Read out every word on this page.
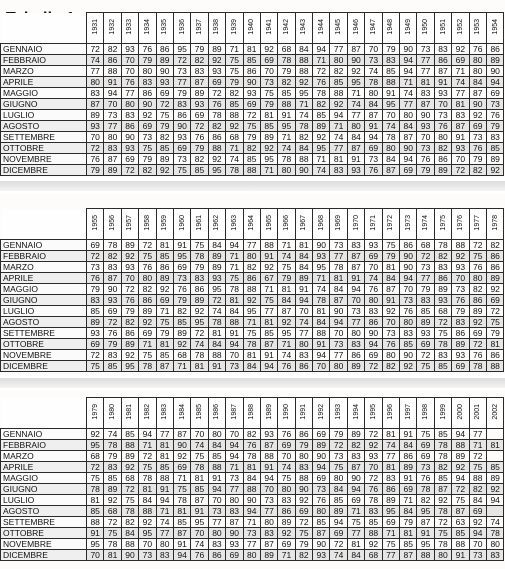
	1931	1932	1933	1934	1935	1936	1937	1938	1939	1940	1941	1942	1943	1944	1945	1946	1947	1948	1949	1950	1951	1952	1953	1954
GENNAIO	72	82	93	76	86	95	79	89	71	81	92	68	84	94	77	87	70	79	90	73	83	92	76	86
FEBBRAIO	74	86	70	79	89	72	82	92	75	85	69	78	88	71	80	90	73	83	94	77	86	69	80	89
MARZO	77	88	70	80	90	73	83	93	75	86	70	79	88	72	82	92	74	85	94	77	87	71	80	90
APRILE	80	91	76	83	93	77	87	69	79	90	73	82	92	76	85	95	78	88	71	81	91	74	84	94
MAGGIO	83	94	77	86	69	79	89	72	82	93	75	85	95	78	88	71	80	91	74	83	93	77	87	69
GIUGNO	87	70	80	90	72	83	93	76	85	69	79	88	71	82	92	74	84	95	77	87	70	81	90	73
LUGLIO	89	73	83	92	75	86	69	78	88	72	81	91	74	85	94	77	87	70	80	90	73	83	92	76
AGOSTO	93	77	86	69	79	90	72	82	92	75	85	95	78	89	71	80	91	74	84	93	76	87	69	79
SETTEMBRE	70	80	90	73	82	93	76	86	68	79	89	71	82	92	74	84	94	78	87	70	80	91	73	83
OTTOBRE	72	83	93	75	85	69	79	88	71	82	92	74	84	95	77	87	69	80	90	73	82	93	76	85
NOVEMBRE	76	87	69	79	89	73	82	92	74	85	95	78	88	71	81	91	73	84	94	76	86	70	79	89
DICEMBRE	79	89	72	82	92	75	85	95	78	88	71	80	90	74	83	93	76	87	69	79	89	72	82	92
	1955	1956	1957	1958	1959	1960	1961	1962	1963	1964	1965	1966	1967	1968	1969	1970	1971	1972	1973	1974	1975	1976	1977	1978
GENNAIO	69	78	89	72	81	91	75	84	94	77	88	71	81	90	73	83	93	75	86	68	78	88	72	82
FEBBRAIO	72	82	92	75	85	95	78	89	71	80	91	74	84	93	77	87	69	79	90	72	82	92	75	86
MARZO	73	83	93	76	86	69	79	89	71	82	92	75	84	95	78	87	70	81	90	73	83	93	76	86
APRILE	76	87	70	80	89	73	83	93	75	86	67	79	89	71	81	91	74	84	94	77	86	70	80	89
MAGGIO	79	90	72	82	92	76	86	95	78	88	71	81	91	74	84	94	76	87	70	79	89	73	82	92
GIUGNO	83	93	76	86	69	79	89	72	81	92	75	84	94	78	87	70	80	91	73	83	93	76	86	69
LUGLIO	85	69	79	89	71	82	92	74	84	95	77	87	70	81	90	73	83	92	76	85	68	79	89	72
AGOSTO	89	72	82	92	75	85	95	78	88	71	81	92	74	84	94	77	86	70	80	89	72	83	92	75
SETTEMBRE	93	76	86	69	79	89	72	81	91	75	85	95	77	88	70	80	90	73	83	93	75	86	69	79
OTTOBRE	69	79	89	71	81	92	74	84	94	78	87	71	80	91	73	83	94	76	85	69	78	89	72	81
NOVEMBRE	72	83	92	75	85	68	78	88	70	81	91	74	83	94	77	86	69	80	90	72	83	93	76	86
DICEMBRE	75	85	95	78	87	71	81	91	73	84	94	76	86	70	80	89	72	82	92	75	85	69	78	88
	1979	1980	1981	1982	1983	1984	1985	1986	1987	1988	1989	1990	1991	1992	1993	1994	1995	1996	1997	1998	1999	2000	2001	2002
GENNAIO	92	74	85	94	77	87	70	80	70	82	93	76	86	69	79	89	72	81	91	75	85	94	77	
FEBBRAIO	95	78	88	71	81	90	74	84	94	76	87	69	79	89	72	82	92	74	84	69	78	88	71	81
MARZO	68	79	89	72	81	92	75	85	94	78	88	70	80	90	73	83	93	77	86	69	78	89	72	
APRILE	72	83	92	75	85	69	78	88	71	81	91	74	83	94	75	87	70	81	89	73	82	92	75	85
MAGGIO	75	85	68	78	88	71	81	91	73	84	94	75	88	69	80	90	72	83	91	76	85	94	88	89
GIUGNO	78	89	72	81	91	75	85	94	77	88	70	80	90	73	84	94	76	86	69	78	87	72	82	92
LUGLIO	81	92	75	84	94	78	87	70	80	90	73	83	92	76	85	69	78	89	71	82	92	75	84	94
AGOSTO	85	68	78	88	71	81	91	73	83	94	77	86	69	80	89	71	83	95	84	95	78	87	69	
SETTEMBRE	88	72	82	92	74	85	95	77	87	71	80	89	72	85	94	75	85	69	79	87	72	63	92	74
OTTOBRE	91	75	84	95	77	87	70	80	90	73	83	92	75	87	69	77	88	71	81	91	75	85	94	78
NOVEMBRE	95	78	88	70	80	91	74	83	93	77	87	69	79	90	72	81	92	75	85	95	78	88	70	80
DICEMBRE	70	81	90	73	83	94	76	86	69	80	89	71	82	93	74	84	68	77	87	88	80	91	73	83
